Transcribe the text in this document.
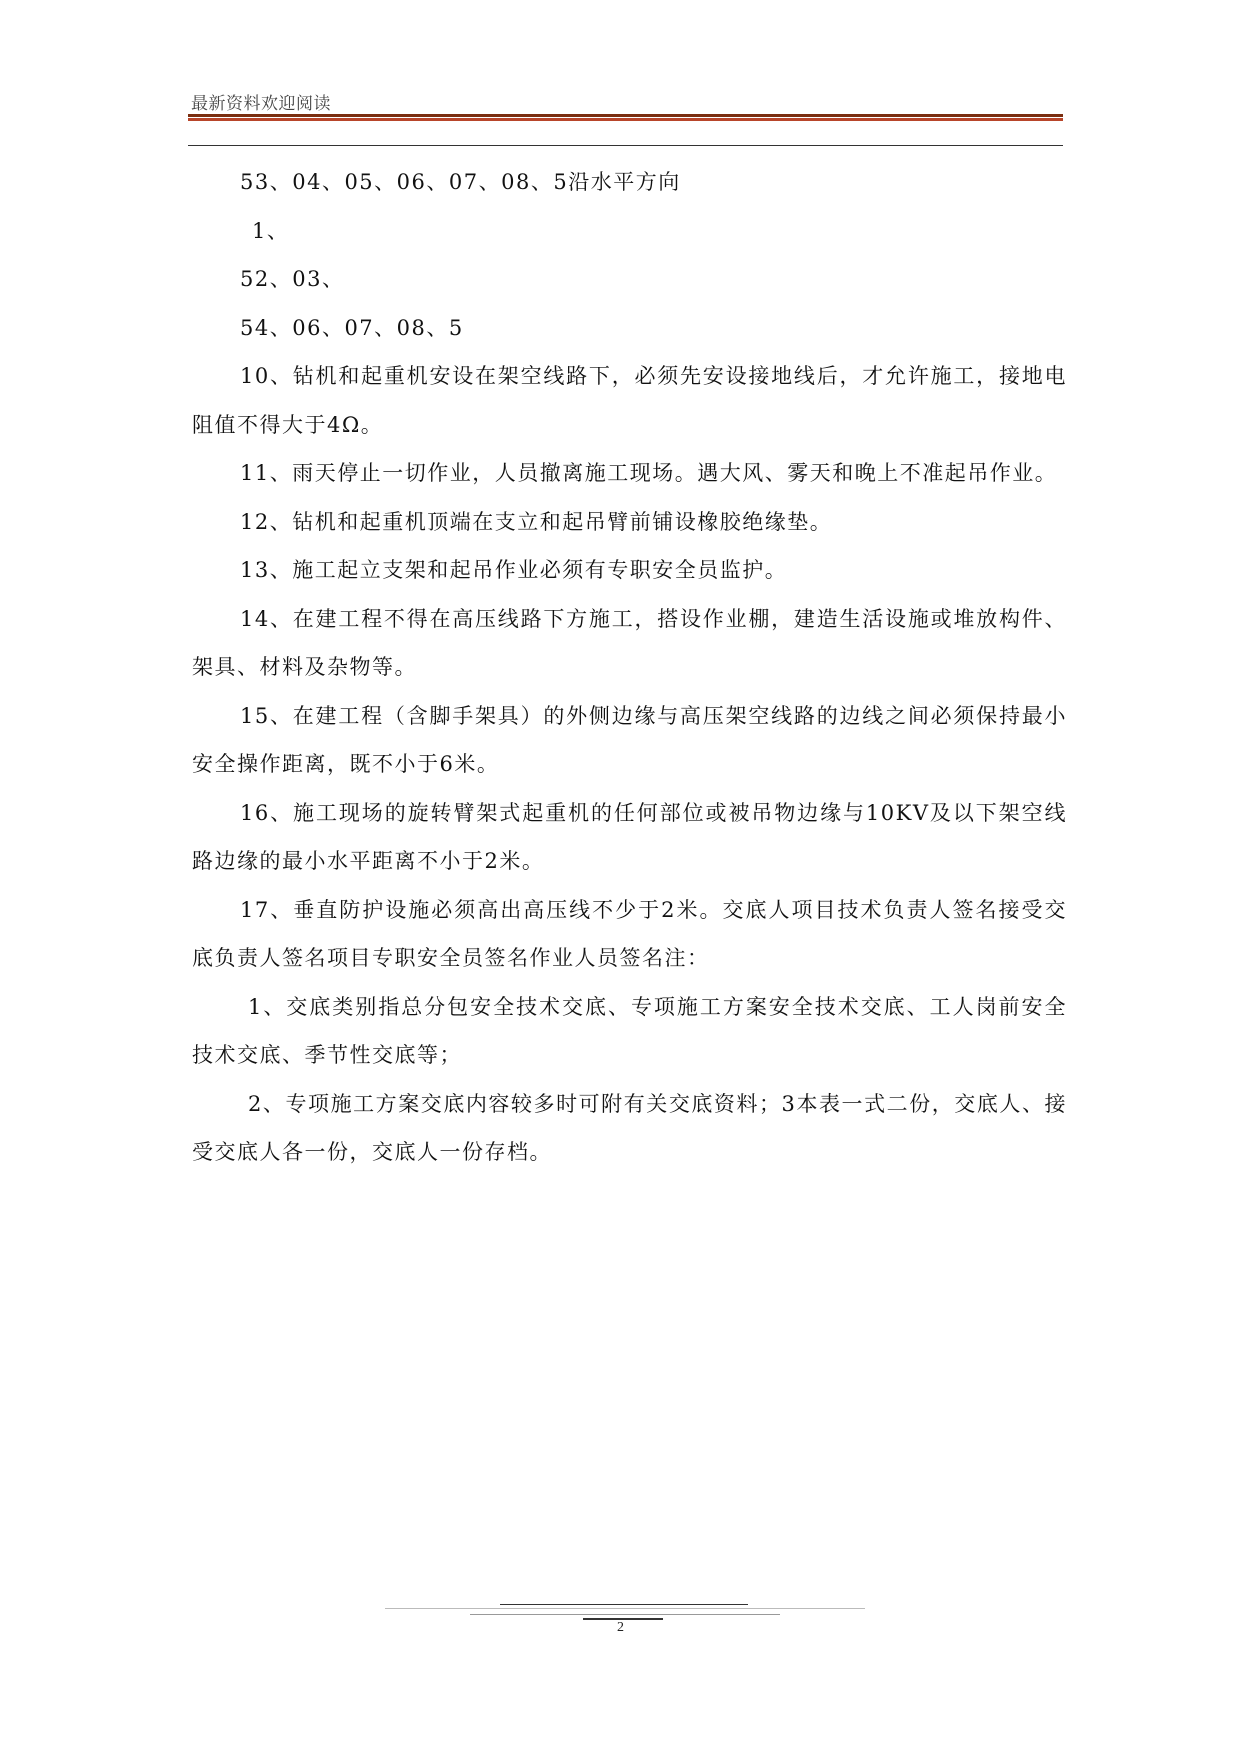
最新资料欢迎阅读

53、04、05、06、07、08、5沿水平方向

1、

52、03、

54、06、07、08、5

10、钻机和起重机安设在架空线路下，必须先安设接地线后，才允许施工，接地电阻值不得大于4Ω。

11、雨天停止一切作业，人员撤离施工现场。遇大风、雾天和晚上不准起吊作业。

12、钻机和起重机顶端在支立和起吊臂前铺设橡胶绝缘垫。

13、施工起立支架和起吊作业必须有专职安全员监护。

14、在建工程不得在高压线路下方施工，搭设作业棚，建造生活设施或堆放构件、架具、材料及杂物等。

15、在建工程（含脚手架具）的外侧边缘与高压架空线路的边线之间必须保持最小安全操作距离，既不小于6米。

16、施工现场的旋转臂架式起重机的任何部位或被吊物边缘与10KV及以下架空线路边缘的最小水平距离不小于2米。

17、垂直防护设施必须高出高压线不少于2米。交底人项目技术负责人签名接受交底负责人签名项目专职安全员签名作业人员签名注：

1、交底类别指总分包安全技术交底、专项施工方案安全技术交底、工人岗前安全技术交底、季节性交底等；

2、专项施工方案交底内容较多时可附有关交底资料；3本表一式二份，交底人、接受交底人各一份，交底人一份存档。

2
